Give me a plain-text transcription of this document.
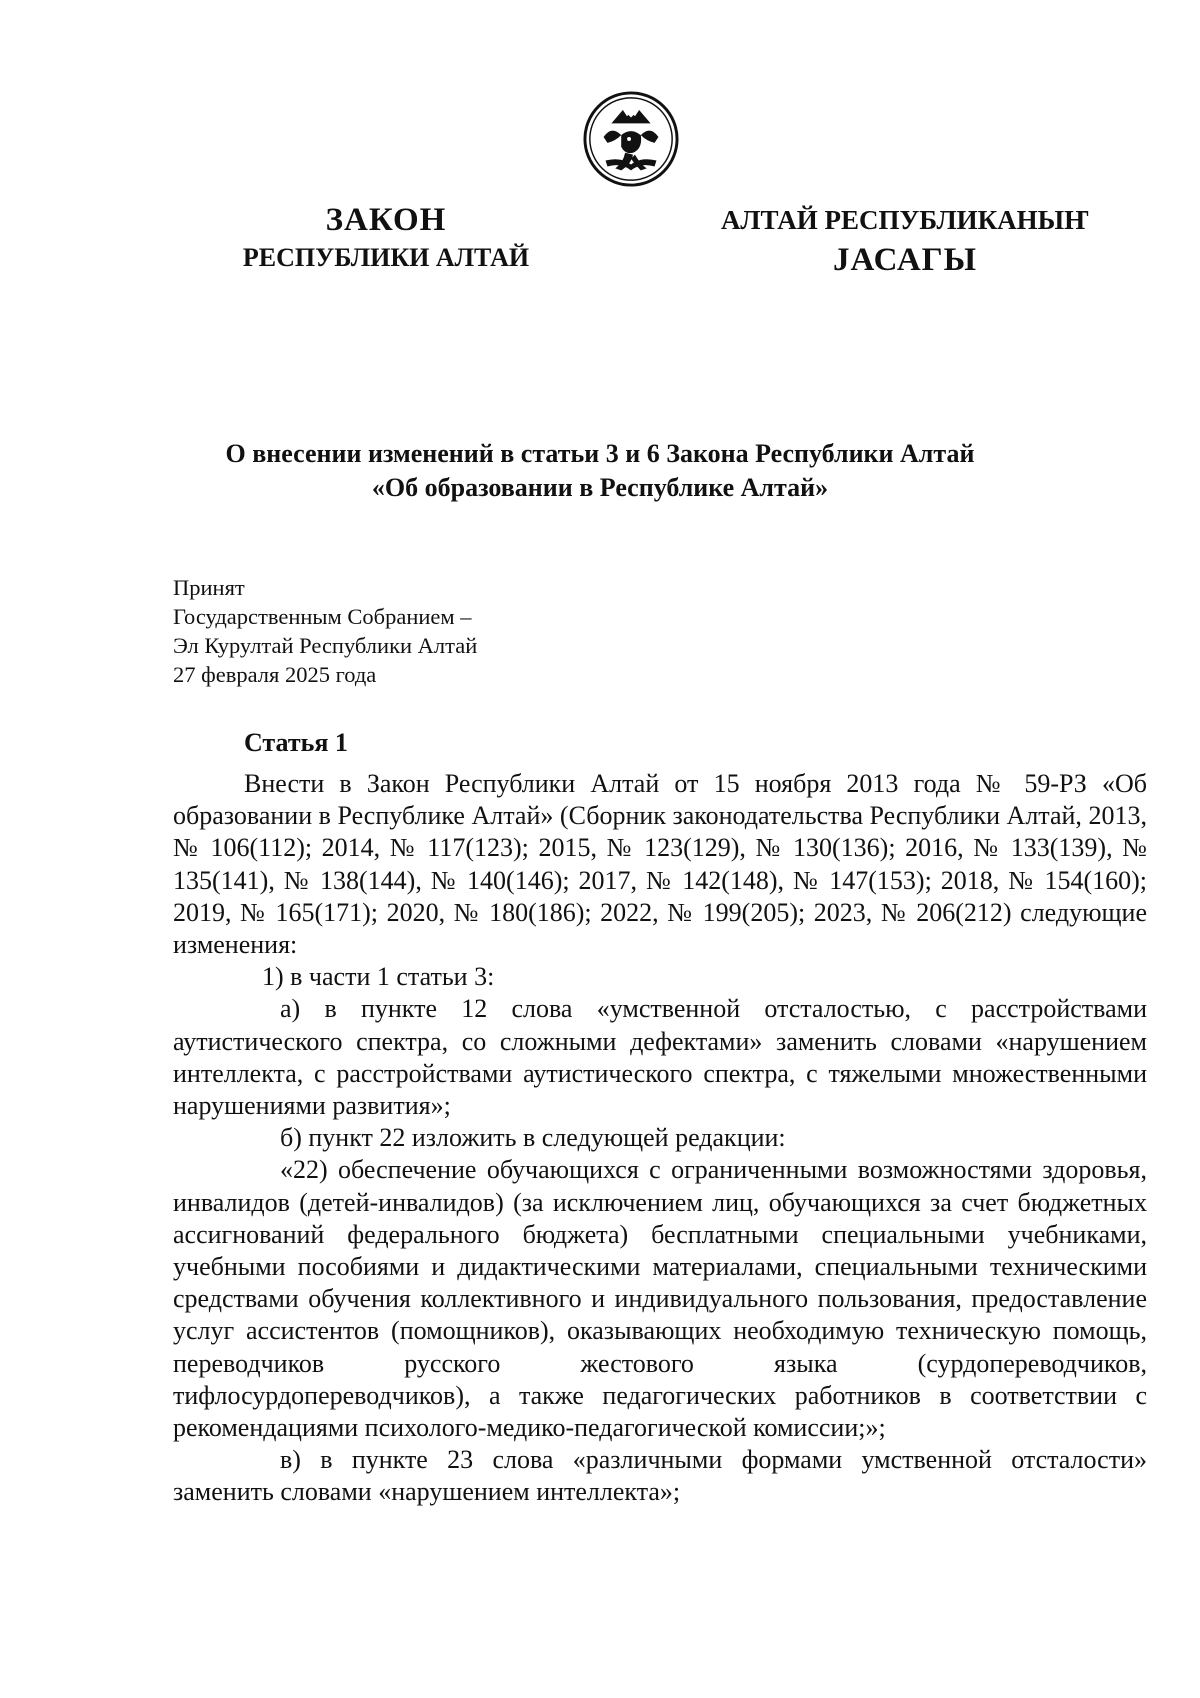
ЗАКОН
РЕСПУБЛИКИ АЛТАЙ
АЛТАЙ РЕСПУБЛИКАНЫҤ
ЈАСАГЫ
О внесении изменений в статьи 3 и 6 Закона Республики Алтай
«Об образовании в Республике Алтай»
Принят
Государственным Собранием –
Эл Курултай Республики Алтай
27 февраля 2025 года
Статья 1

Внести в Закон Республики Алтай от 15 ноября 2013 года № 59-РЗ «Об образовании в Республике Алтай» (Сборник законодательства Республики Алтай, 2013, № 106(112); 2014, № 117(123); 2015, № 123(129), № 130(136); 2016, № 133(139), № 135(141), № 138(144), № 140(146); 2017, № 142(148), № 147(153); 2018, № 154(160); 2019, № 165(171); 2020, № 180(186); 2022, № 199(205); 2023, № 206(212) следующие изменения:

1) в части 1 статьи 3:

а) в пункте 12 слова «умственной отсталостью, с расстройствами аутистического спектра, со сложными дефектами» заменить словами «нарушением интеллекта, с расстройствами аутистического спектра, с тяжелыми множественными нарушениями развития»;

б) пункт 22 изложить в следующей редакции:

«22) обеспечение обучающихся с ограниченными возможностями здоровья, инвалидов (детей-инвалидов) (за исключением лиц, обучающихся за счет бюджетных ассигнований федерального бюджета) бесплатными специальными учебниками, учебными пособиями и дидактическими материалами, специальными техническими средствами обучения коллективного и индивидуального пользования, предоставление услуг ассистентов (помощников), оказывающих необходимую техническую помощь, переводчиков русского жестового языка (сурдопереводчиков, тифлосурдопереводчиков), а также педагогических работников в соответствии с рекомендациями психолого-медико-педагогической комиссии;»;

в) в пункте 23 слова «различными формами умственной отсталости» заменить словами «нарушением интеллекта»;
